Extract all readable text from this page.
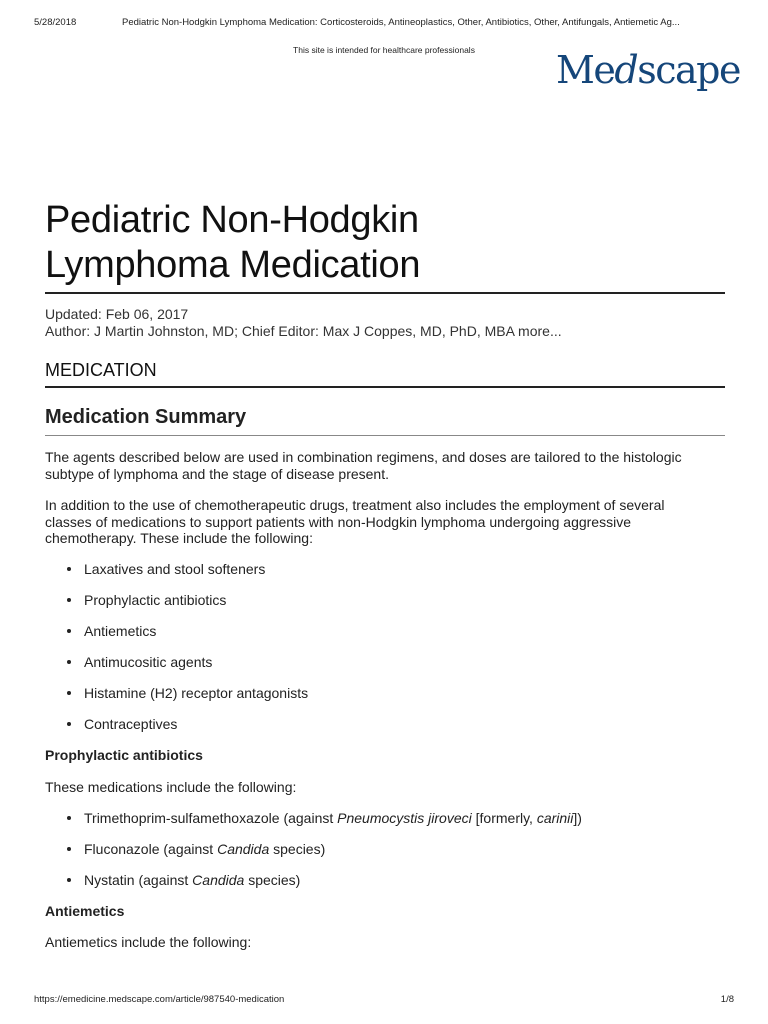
5/28/2018	Pediatric Non-Hodgkin Lymphoma Medication: Corticosteroids, Antineoplastics, Other, Antibiotics, Other, Antifungals, Antiemetic Ag...
This site is intended for healthcare professionals	Medscape
Pediatric Non-Hodgkin
Lymphoma Medication
Updated: Feb 06, 2017
Author: J Martin Johnston, MD; Chief Editor: Max J Coppes, MD, PhD, MBA more...
MEDICATION
Medication Summary

The agents described below are used in combination regimens, and doses are tailored to the histologic subtype of lymphoma and the stage of disease present.

In addition to the use of chemotherapeutic drugs, treatment also includes the employment of several classes of medications to support patients with non-Hodgkin lymphoma undergoing aggressive chemotherapy. These include the following:

Laxatives and stool softeners
Prophylactic antibiotics
Antiemetics
Antimucositic agents
Histamine (H2) receptor antagonists
Contraceptives
Prophylactic antibiotics

These medications include the following:

Trimethoprim-sulfamethoxazole (against Pneumocystis jiroveci [formerly, carinii])
Fluconazole (against Candida species)
Nystatin (against Candida species)
Antiemetics

Antiemetics include the following:

https://emedicine.medscape.com/article/987540-medication	1/8
